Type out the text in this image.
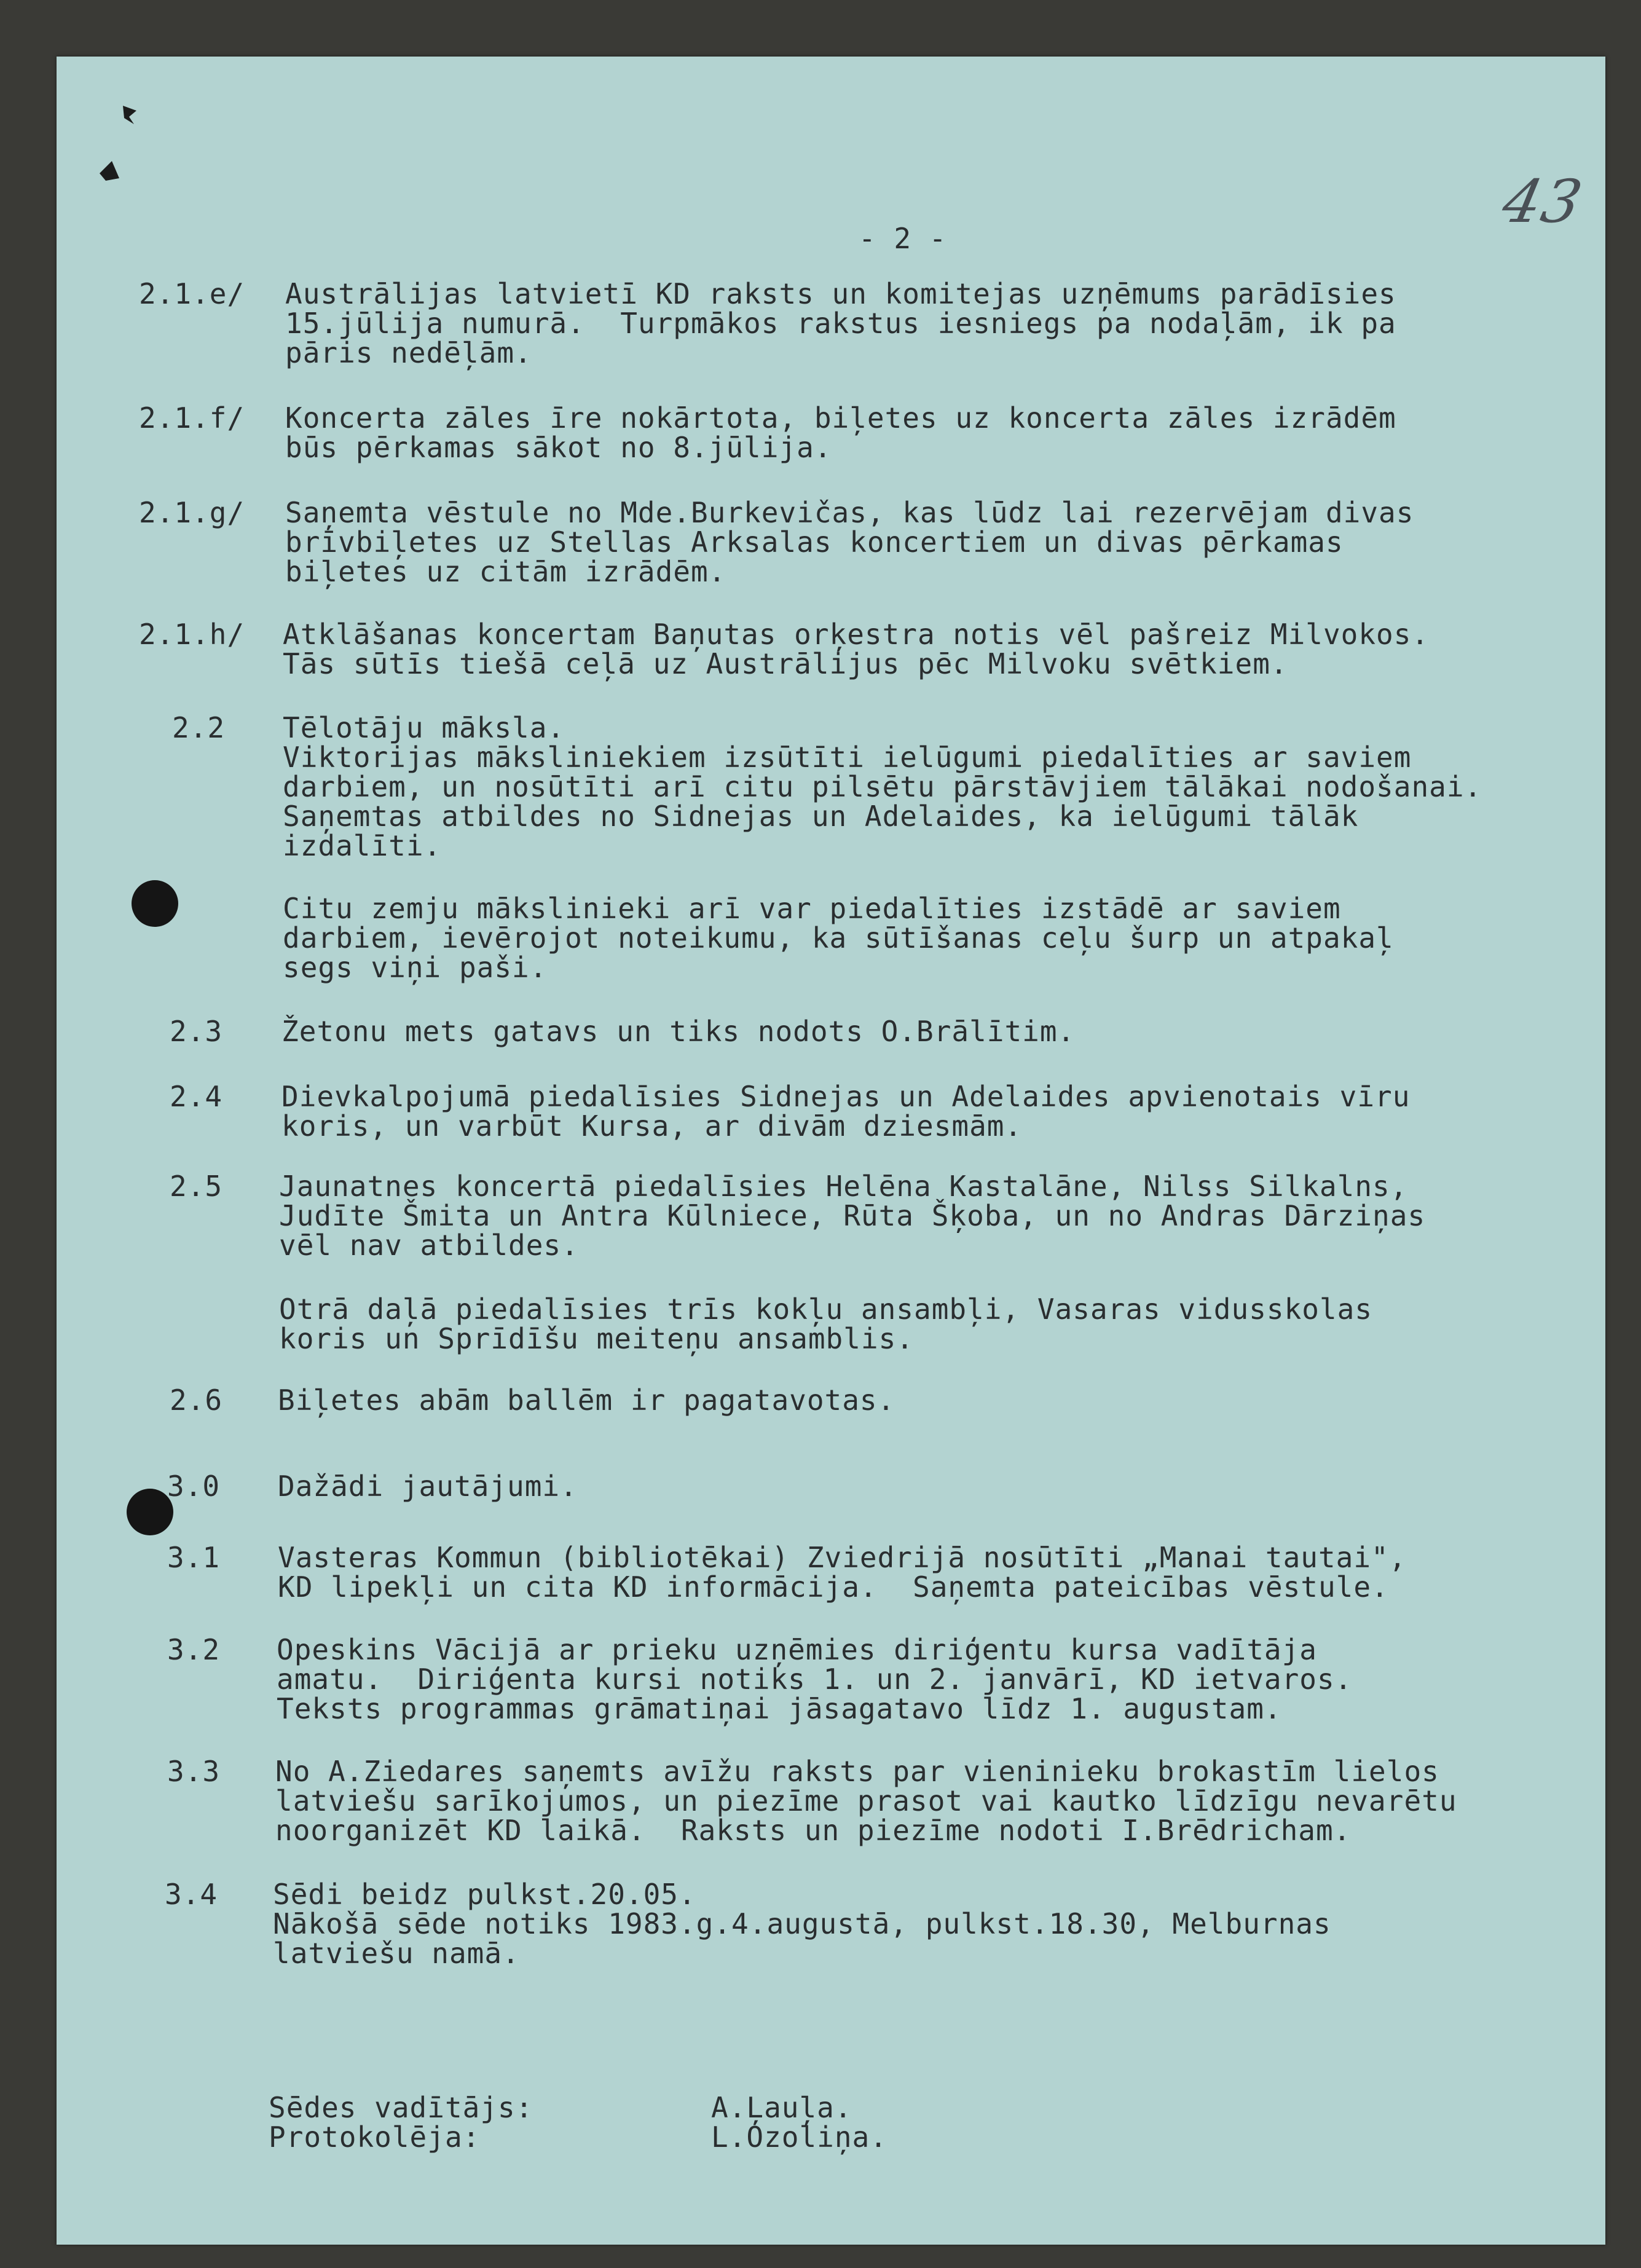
43
- 2 -
2.1.e/ Austrālijas latvietī KD raksts un komitejas uzņēmums parādīsies
15.jūlija numurā.  Turpmākos rakstus iesniegs pa nodaļām, ik pa
pāris nedēļām.
2.1.f/ Koncerta zāles īre nokārtota, biļetes uz koncerta zāles izrādēm
būs pērkamas sākot no 8.jūlija.
2.1.g/ Saņemta vēstule no Mde.Burkevičas, kas lūdz lai rezervējam divas
brīvbiļetes uz Stellas Arksalas koncertiem un divas pērkamas
biļetes uz citām izrādēm.
2.1.h/ Atklāšanas koncertam Baņutas orķestra notis vēl pašreiz Milvokos.
Tās sūtīs tiešā ceļā uz Austrālijus pēc Milvoku svētkiem.
2.2 Tēlotāju māksla.
Viktorijas māksliniekiem izsūtīti ielūgumi piedalīties ar saviem
darbiem, un nosūtīti arī citu pilsētu pārstāvjiem tālākai nodošanai.
Saņemtas atbildes no Sidnejas un Adelaides, ka ielūgumi tālāk
izdalīti.
Citu zemju mākslinieki arī var piedalīties izstādē ar saviem
darbiem, ievērojot noteikumu, ka sūtīšanas ceļu šurp un atpakaļ
segs viņi paši.
2.3 Žetonu mets gatavs un tiks nodots O.Brālītim.
2.4 Dievkalpojumā piedalīsies Sidnejas un Adelaides apvienotais vīru
koris, un varbūt Kursa, ar divām dziesmām.
2.5 Jaunatnes koncertā piedalīsies Helēna Kastalāne, Nilss Silkalns,
Judīte Šmita un Antra Kūlniece, Rūta Šķoba, un no Andras Dārziņas
vēl nav atbildes.
Otrā daļā piedalīsies trīs kokļu ansambļi, Vasaras vidusskolas
koris un Sprīdīšu meiteņu ansamblis.
2.6 Biļetes abām ballēm ir pagatavotas.
3.0 Dažādi jautājumi.
3.1 Vasteras Kommun (bibliotēkai) Zviedrijā nosūtīti „Manai tautai",
KD lipekļi un cita KD informācija.  Saņemta pateicības vēstule.
3.2 Opeskins Vācijā ar prieku uzņēmies diriģentu kursa vadītāja
amatu.  Diriģenta kursi notiks 1. un 2. janvārī, KD ietvaros.
Teksts programmas grāmatiņai jāsagatavo līdz 1. augustam.
3.3 No A.Ziedares saņemts avīžu raksts par vieninieku brokastīm lielos
latviešu sarīkojumos, un piezīme prasot vai kautko līdzīgu nevarētu
noorganizēt KD laikā.  Raksts un piezīme nodoti I.Brēdricham.
3.4 Sēdi beidz pulkst.20.05.
Nākošā sēde notiks 1983.g.4.augustā, pulkst.18.30, Melburnas
latviešu namā.
Sēdes vadītājs:	A.Ļauļa.
Protokolēja:	L.Ozoliņa.
